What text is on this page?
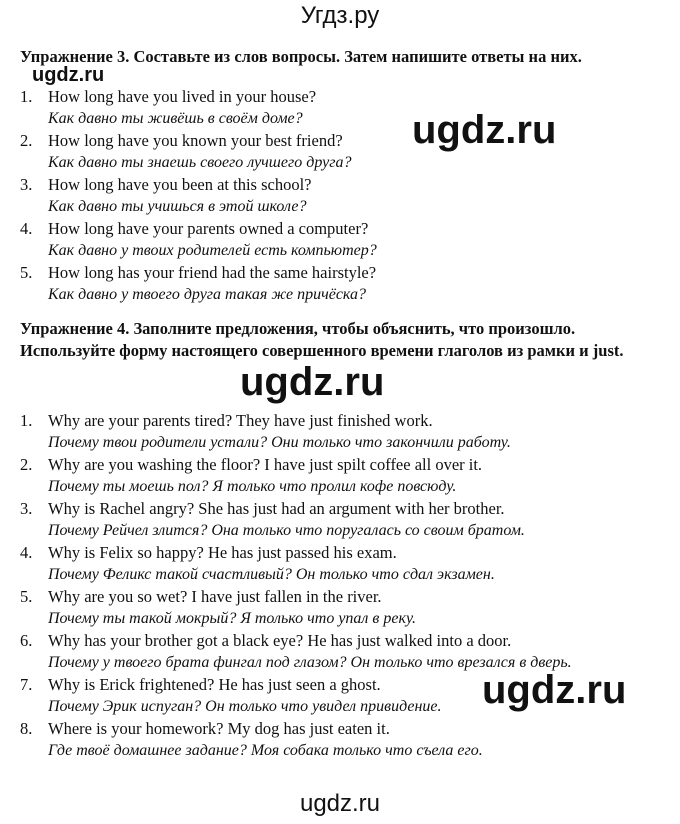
Угдз.ру
Упражнение 3. Составьте из слов вопросы. Затем напишите ответы на них.
1. How long have you lived in your house?
Как давно ты живёшь в своём доме?
2. How long have you known your best friend?
Как давно ты знаешь своего лучшего друга?
3. How long have you been at this school?
Как давно ты учишься в этой школе?
4. How long have your parents owned a computer?
Как давно у твоих родителей есть компьютер?
5. How long has your friend had the same hairstyle?
Как давно у твоего друга такая же причёска?
Упражнение 4. Заполните предложения, чтобы объяснить, что произошло. Используйте форму настоящего совершенного времени глаголов из рамки и just.
1. Why are your parents tired? They have just finished work.
Почему твои родители устали? Они только что закончили работу.
2. Why are you washing the floor? I have just spilt coffee all over it.
Почему ты моешь пол? Я только что пролил кофе повсюду.
3. Why is Rachel angry? She has just had an argument with her brother.
Почему Рейчел злится? Она только что поругалась со своим братом.
4. Why is Felix so happy? He has just passed his exam.
Почему Феликс такой счастливый? Он только что сдал экзамен.
5. Why are you so wet? I have just fallen in the river.
Почему ты такой мокрый? Я только что упал в реку.
6. Why has your brother got a black eye? He has just walked into a door.
Почему у твоего брата фингал под глазом? Он только что врезался в дверь.
7. Why is Erick frightened? He has just seen a ghost.
Почему Эрик испуган? Он только что увидел привидение.
8. Where is your homework? My dog has just eaten it.
Где твоё домашнее задание? Моя собака только что съела его.
ugdz.ru
ugdz.ru
ugdz.ru
ugdz.ru
ugdz.ru
